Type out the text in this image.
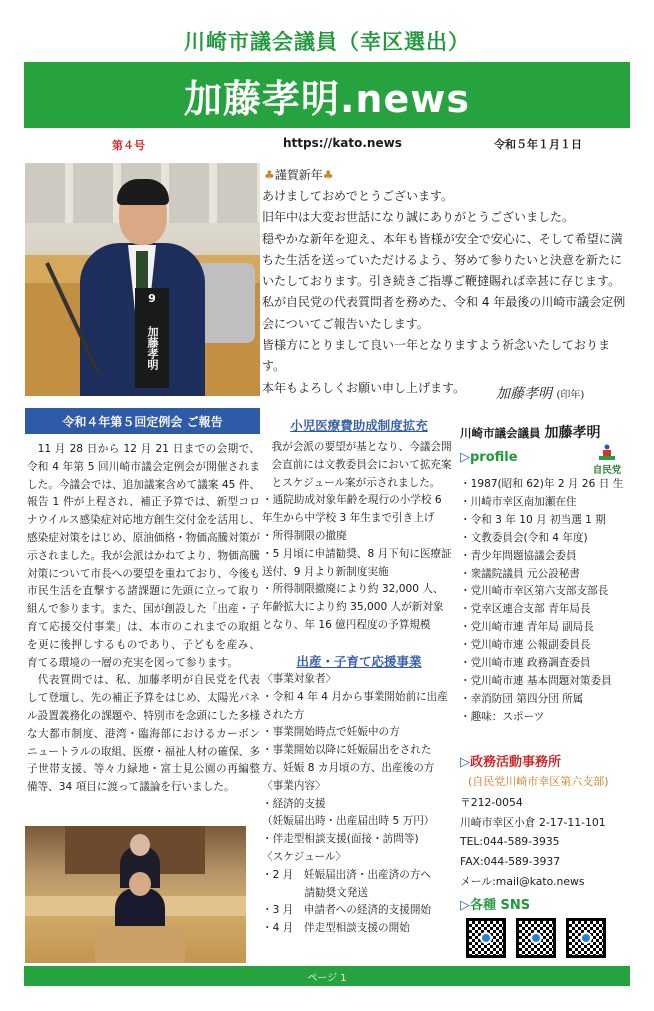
川崎市議会議員（幸区選出）
加藤孝明.news
第４号	https://kato.news	令和５年１月１日
9
加藤孝明
♣謹賀新年♣

あけましておめでとうございます。

旧年中は大変お世話になり誠にありがとうございました。

穏やかな新年を迎え、本年も皆様が安全で安心に、そして希望に満ちた生活を送っていただけるよう、努めて参りたいと決意を新たにいたしております。引き続きご指導ご鞭撻賜れば幸甚に存じます。

私が自民党の代表質問者を務めた、令和 4 年最後の川崎市議会定例会についてご報告いたします。

皆様方にとりまして良い一年となりますよう祈念いたしております。

本年もよろしくお願い申し上げます。	加藤孝明 (印年)
令和４年第５回定例会 ご報告

11 月 28 日から 12 月 21 日までの会期で、令和 4 年第 5 回川崎市議会定例会が開催されました。今議会では、追加議案含めて議案 45 件、報告 1 件が上程され、補正予算では、新型コロナウイルス感染症対応地方創生交付金を活用し、感染症対策をはじめ、原油価格・物価高騰対策が示されました。我が会派はかねてより、物価高騰対策について市長への要望を重ねており、今後も市民生活を直撃する諸課題に先頭に立って取り組んで参ります。また、国が創設した「出産・子育て応援交付事業」は、本市のこれまでの取組を更に後押しするものであり、子どもを産み、育てる環境の一層の充実を図って参ります。

代表質問では、私、加藤孝明が自民党を代表して登壇し、先の補正予算をはじめ、太陽光パネル設置義務化の課題や、特別市を念頭にした多様な大都市制度、港湾・臨海部におけるカーボンニュートラルの取組、医療・福祉人材の確保、多子世帯支援、等々力緑地・富士見公園の再編整備等、34 項目に渡って議論を行いました。

小児医療費助成制度拡充

我が会派の要望が基となり、今議会開会直前には文教委員会において拡充案とスケジュール案が示されました。

・通院助成対象年齢を現行の小学校 6 年生から中学校 3 年生まで引き上げ

・所得制限の撤廃

・5 月頃に申請勧奨、8 月下旬に医療証送付、9 月より新制度実施

・所得制限撤廃により約 32,000 人、年齢拡大により約 35,000 人が新対象となり、年 16 億円程度の予算規模

出産・子育て応援事業

〈事業対象者〉

・令和 4 年 4 月から事業開始前に出産された方

・事業開始時点で妊娠中の方

・事業開始以降に妊娠届出をされた方、妊娠 8 カ月頃の方、出産後の方

〈事業内容〉

・経済的支援

（妊娠届出時・出産届出時 5 万円）

・伴走型相談支援(面接・訪問等)

〈スケジュール〉

・2 月　妊娠届出済・出産済の方へ

　　　　請勧奨文発送

・3 月　申請者への経済的支援開始

・4 月　伴走型相談支援の開始

川崎市議会議員 加藤孝明
▷profile
自民党
・1987(昭和 62)年 2 月 26 日 生
・川崎市幸区南加瀬在住
・令和 3 年 10 月 初当選 1 期
・文教委員会(令和 4 年度)
・青少年問題協議会委員
・衆議院議員 元公設秘書
・党川崎市幸区第六支部支部長
・党幸区連合支部 青年局長
・党川崎市連 青年局 副局長
・党川崎市連 公報副委員長
・党川崎市連 政務調査委員
・党川崎市連 基本問題対策委員
・幸消防団 第四分団 所属
・趣味：スポーツ
▷政務活動事務所
(自民党川崎市幸区第六支部)
〒212-0054
川崎市幸区小倉 2-17-11-101
TEL:044-589-3935
FAX:044-589-3937
メール:mail@kato.news
▷各種 SNS
ページ 1
